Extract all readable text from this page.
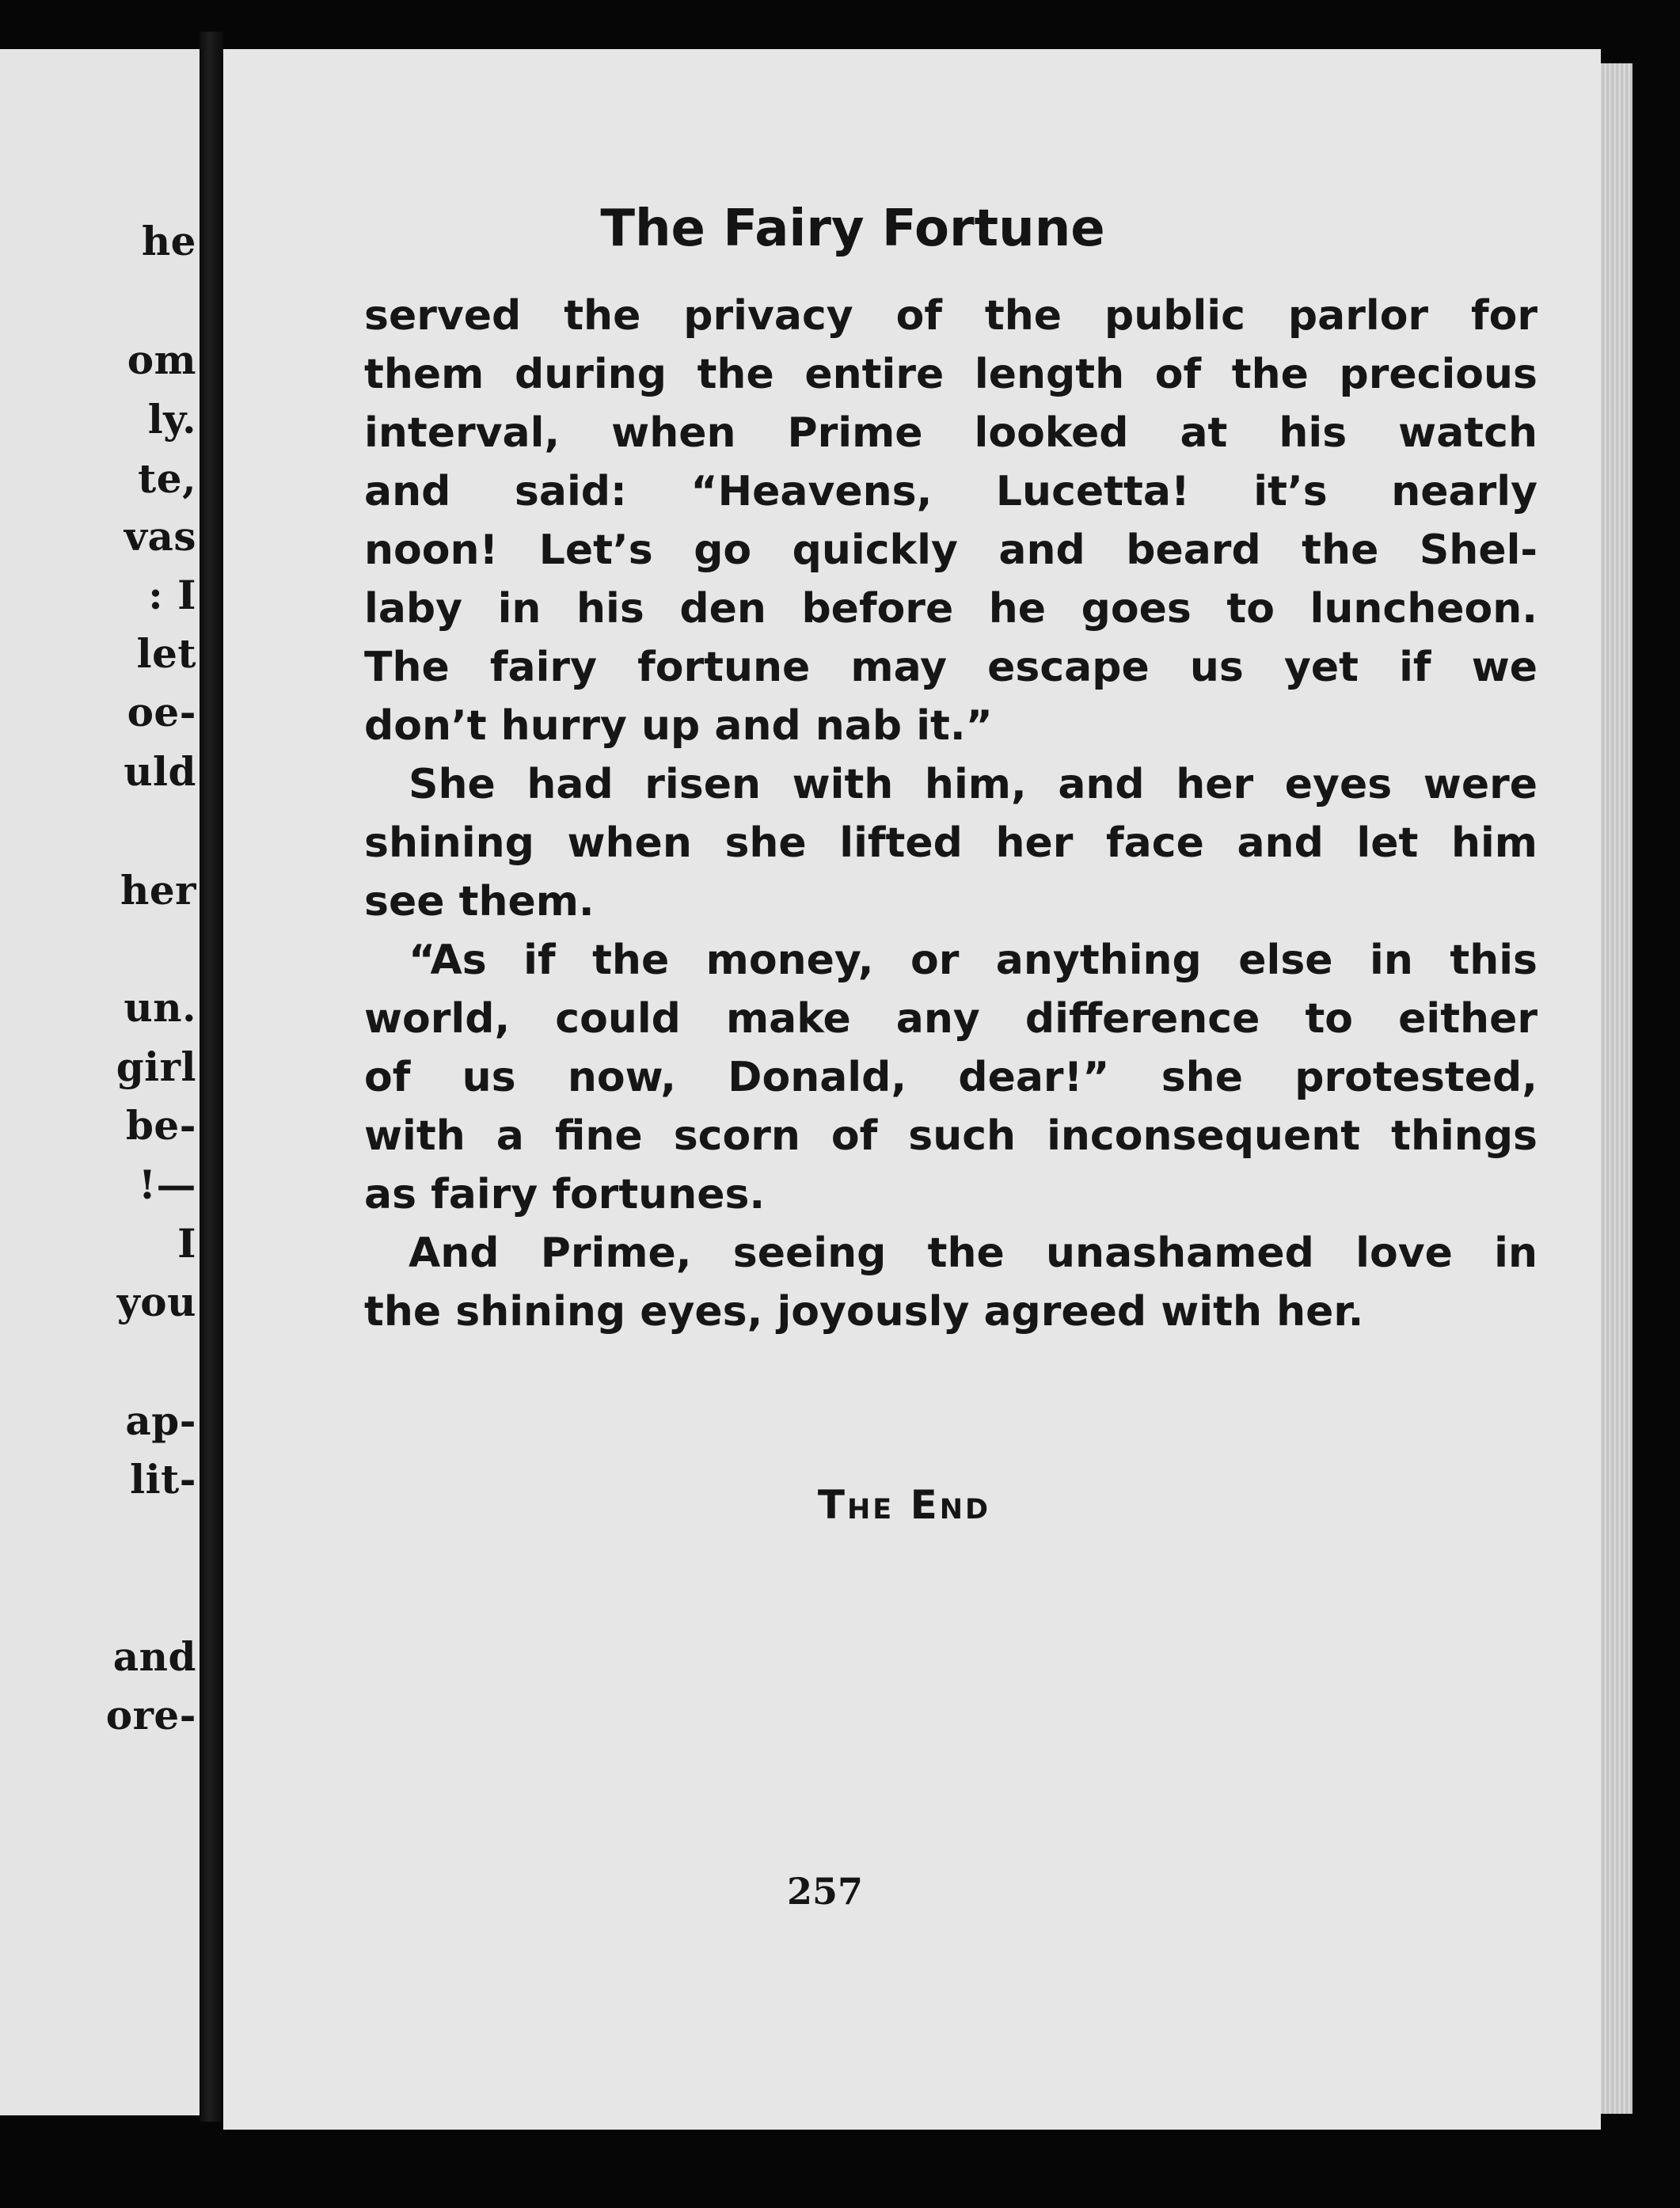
he
om
ly.
te,
vas
: I
let
oe-
uld
her
un.
girl
be-
!—
I
you
ap-
lit-
and
ore-
The Fairy Fortune
served the privacy of the public parlor for
them during the entire length of the precious
interval, when Prime looked at his watch
and said: “Heavens, Lucetta! it’s nearly
noon! Let’s go quickly and beard the Shel-
laby in his den before he goes to luncheon.
The fairy fortune may escape us yet if we
don’t hurry up and nab it.”
She had risen with him, and her eyes were
shining when she lifted her face and let him
see them.
“As if the money, or anything else in this
world, could make any difference to either
of us now, Donald, dear!” she protested,
with a fine scorn of such inconsequent things
as fairy fortunes.
And Prime, seeing the unashamed love in
the shining eyes, joyously agreed with her.
The End
257
